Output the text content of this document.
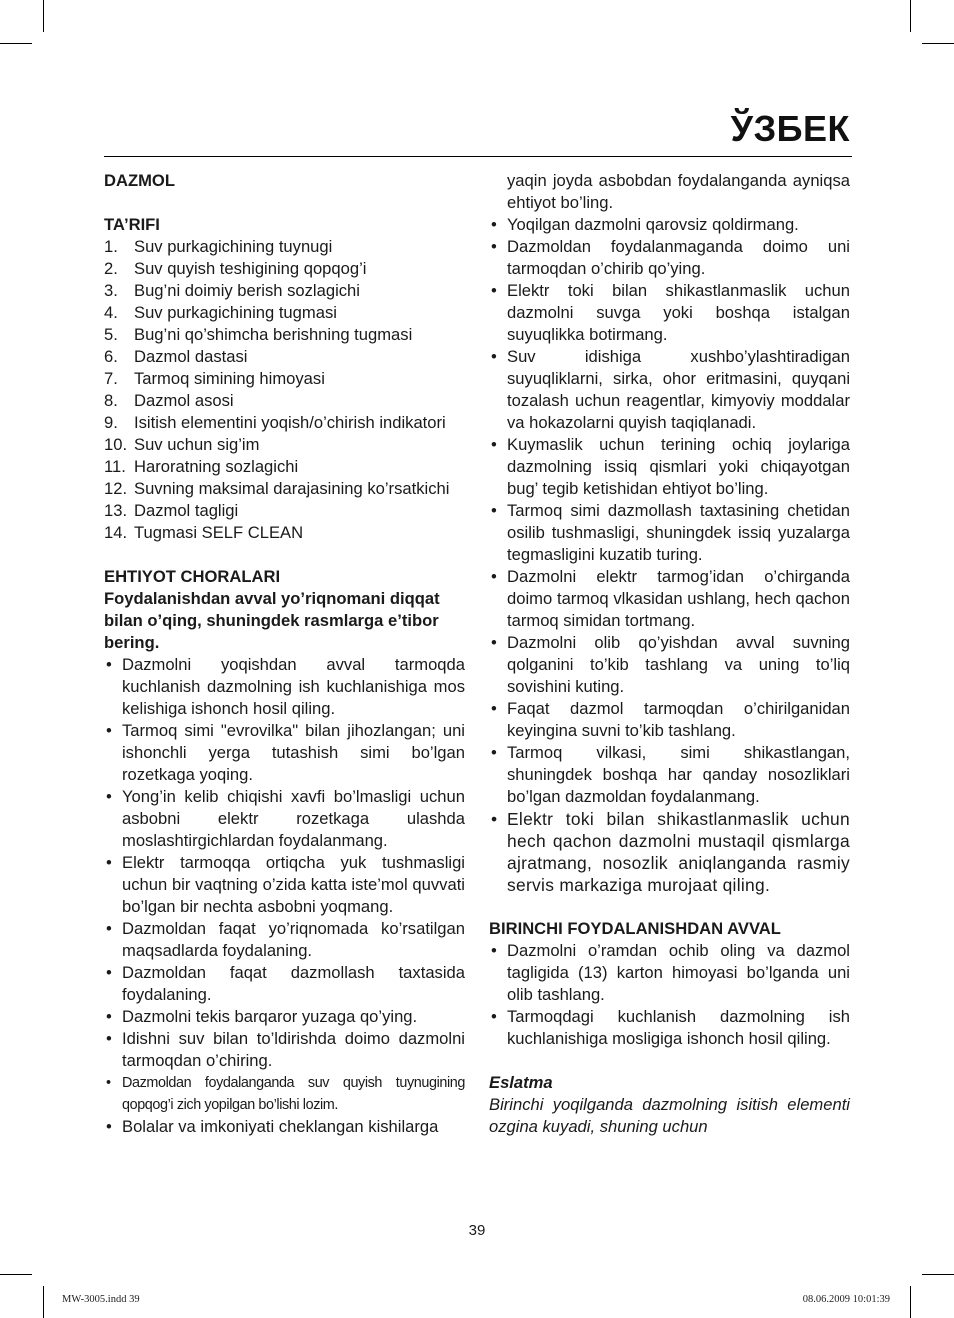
ЎЗБЕК

DAZMOL

TA’RIFI

1. Suv purkagichining tuynugi
2. Suv quyish teshigining qopqog’i
3. Bug’ni doimiy berish sozlagichi
4. Suv purkagichining tugmasi
5. Bug’ni qo’shimcha berishning tugmasi
6. Dazmol dastasi
7. Tarmoq simining himoyasi
8. Dazmol asosi
9. Isitish elementini yoqish/o’chirish indikatori
10. Suv uchun sig’im
11. Haroratning sozlagichi
12. Suvning maksimal darajasining ko’rsatkichi
13. Dazmol tagligi
14. Tugmasi SELF CLEAN

EHTIYOT CHORALARI

Foydalanishdan avval yo’riqnomani diqqat bilan o’qing, shuningdek rasmlarga e’tibor bering.

• Dazmolni yoqishdan avval tarmoqda kuchlanish dazmolning ish kuchlanishiga mos kelishiga ishonch hosil qiling.
• Tarmoq simi "evrovilka" bilan jihozlangan; uni ishonchli yerga tutashish simi bo’lgan rozetkaga yoqing.
• Yong’in kelib chiqishi xavfi bo’lmasligi uchun asbobni elektr rozetkaga ulashda moslashtirgichlardan foydalanmang.
• Elektr tarmoqqa ortiqcha yuk tushmasligi uchun bir vaqtning o’zida katta iste’mol quvvati bo’lgan bir nechta asbobni yoqmang.
• Dazmoldan faqat yo’riqnomada ko’rsatilgan maqsadlarda foydalaning.
• Dazmoldan faqat dazmollash taxtasida foydalaning.
• Dazmolni tekis barqaror yuzaga qo’ying.
• Idishni suv bilan to’ldirishda doimo dazmolni tarmoqdan o’chiring.
• Dazmoldan foydalanganda suv quyish tuynugining qopqog’i zich yopilgan bo’lishi lozim.
• Bolalar va imkoniyati cheklangan kishilarga

yaqin joyda asbobdan foydalanganda ayniqsa ehtiyot bo’ling.

• Yoqilgan dazmolni qarovsiz qoldirmang.
• Dazmoldan foydalanmaganda doimo uni tarmoqdan o’chirib qo’ying.
• Elektr toki bilan shikastlanmaslik uchun dazmolni suvga yoki boshqa istalgan suyuqlikka botirmang.
• Suv idishiga xushbo’ylashtiradigan suyuqliklarni, sirka, ohor eritmasini, quyqani tozalash uchun reagentlar, kimyoviy moddalar va hokazolarni quyish taqiqlanadi.
• Kuymaslik uchun terining ochiq joylariga dazmolning issiq qismlari yoki chiqayotgan bug’ tegib ketishidan ehtiyot bo’ling.
• Tarmoq simi dazmollash taxtasining chetidan osilib tushmasligi, shuningdek issiq yuzalarga tegmasligini kuzatib turing.
• Dazmolni elektr tarmog’idan o’chirganda doimo tarmoq vlkasidan ushlang, hech qachon tarmoq simidan tortmang.
• Dazmolni olib qo’yishdan avval suvning qolganini to’kib tashlang va uning to’liq sovishini kuting.
• Faqat dazmol tarmoqdan o’chirilganidan keyingina suvni to’kib tashlang.
• Tarmoq vilkasi, simi shikastlangan, shuningdek boshqa har qanday nosozliklari bo’lgan dazmoldan foydalanmang.
• Elektr toki bilan shikastlanmaslik uchun hech qachon dazmolni mustaqil qismlarga ajratmang, nosozlik aniqlanganda rasmiy servis markaziga murojaat qiling.

BIRINCHI FOYDALANISHDAN AVVAL

• Dazmolni o’ramdan ochib oling va dazmol tagligida (13) karton himoyasi bo’lganda uni olib tashlang.
• Tarmoqdagi kuchlanish dazmolning ish kuchlanishiga mosligiga ishonch hosil qiling.

Eslatma

Birinchi yoqilganda dazmolning isitish elementi ozgina kuyadi, shuning uchun

39
MW-3005.indd 39	08.06.2009 10:01:39
